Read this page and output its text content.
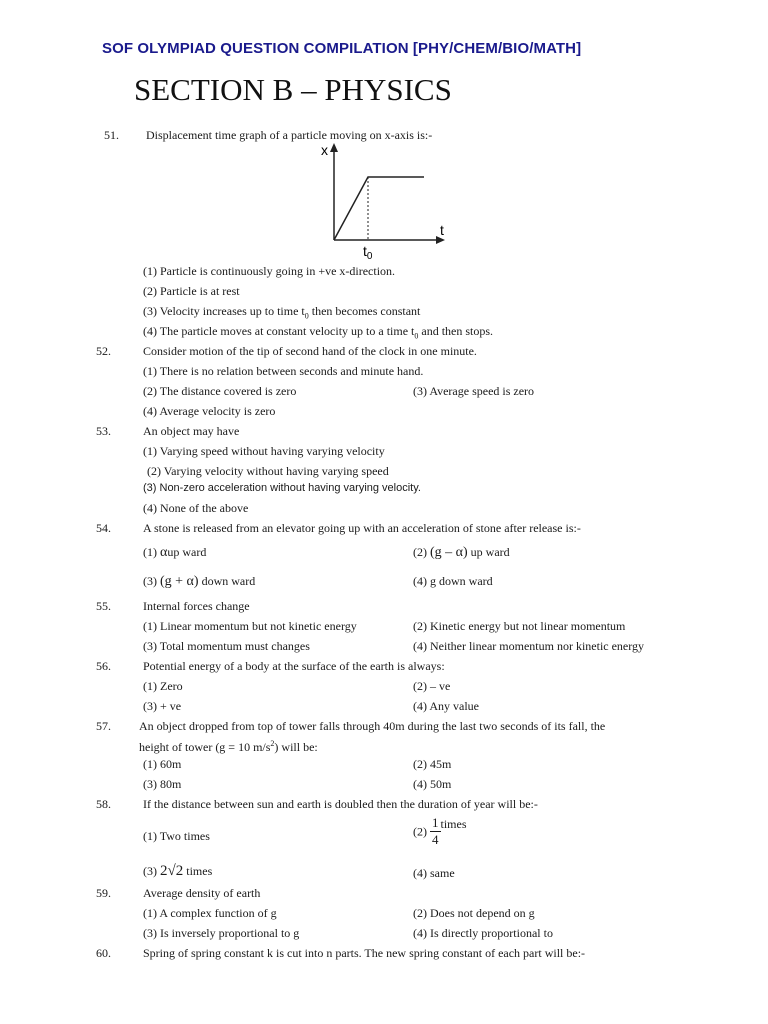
SOF OLYMPIAD QUESTION COMPILATION [PHY/CHEM/BIO/MATH]
SECTION B – PHYSICS
51. Displacement time graph of a particle moving on x-axis is:-
x
t
$t_0$
(1) Particle is continuously going in +ve x-direction.
(2) Particle is at rest
(3) Velocity increases up to time $t_0$ then becomes constant
(4) The particle moves at constant velocity up to a time $t_0$ and then stops.
52.	Consider motion of the tip of second hand of the clock in one minute.
(1) There is no relation between seconds and minute hand.
(2) The distance covered is zero	(3) Average speed is zero
(4) Average velocity is zero
53.	An object may have
(1) Varying speed without having varying velocity
(2) Varying velocity without having varying speed
(3) Non-zero acceleration without having varying velocity.
(4) None of the above
54.	A stone is released from an elevator going up with an acceleration of stone after release is:-
(1) αup ward	(2) (g – α) up ward
(3) (g + α) down ward	(4) g down ward
55.	Internal forces change
(1) Linear momentum but not kinetic energy	(2) Kinetic energy but not linear momentum
(3) Total momentum must changes	(4) Neither linear momentum nor kinetic energy
56.	Potential energy of a body at the surface of the earth is always:
(1) Zero	(2) – ve
(3) + ve	(4) Any value
57. An object dropped from top of tower falls through 40m during the last two seconds of its fall, the
height of tower (g = 10 $m/s^2$) will be:
(1) 60m	(2) 45m
(3) 80m	(4) 50m
58.	If the distance between sun and earth is doubled then the duration of year will be:-
(1) Two times	$(2) \frac{1}{4}$ times
(3) 2√2 times	(4) same
59.	Average density of earth
(1) A complex function of g	(2) Does not depend on g
(3) Is inversely proportional to g	(4) Is directly proportional to
60.	Spring of spring constant k is cut into n parts. The new spring constant of each part will be:-
